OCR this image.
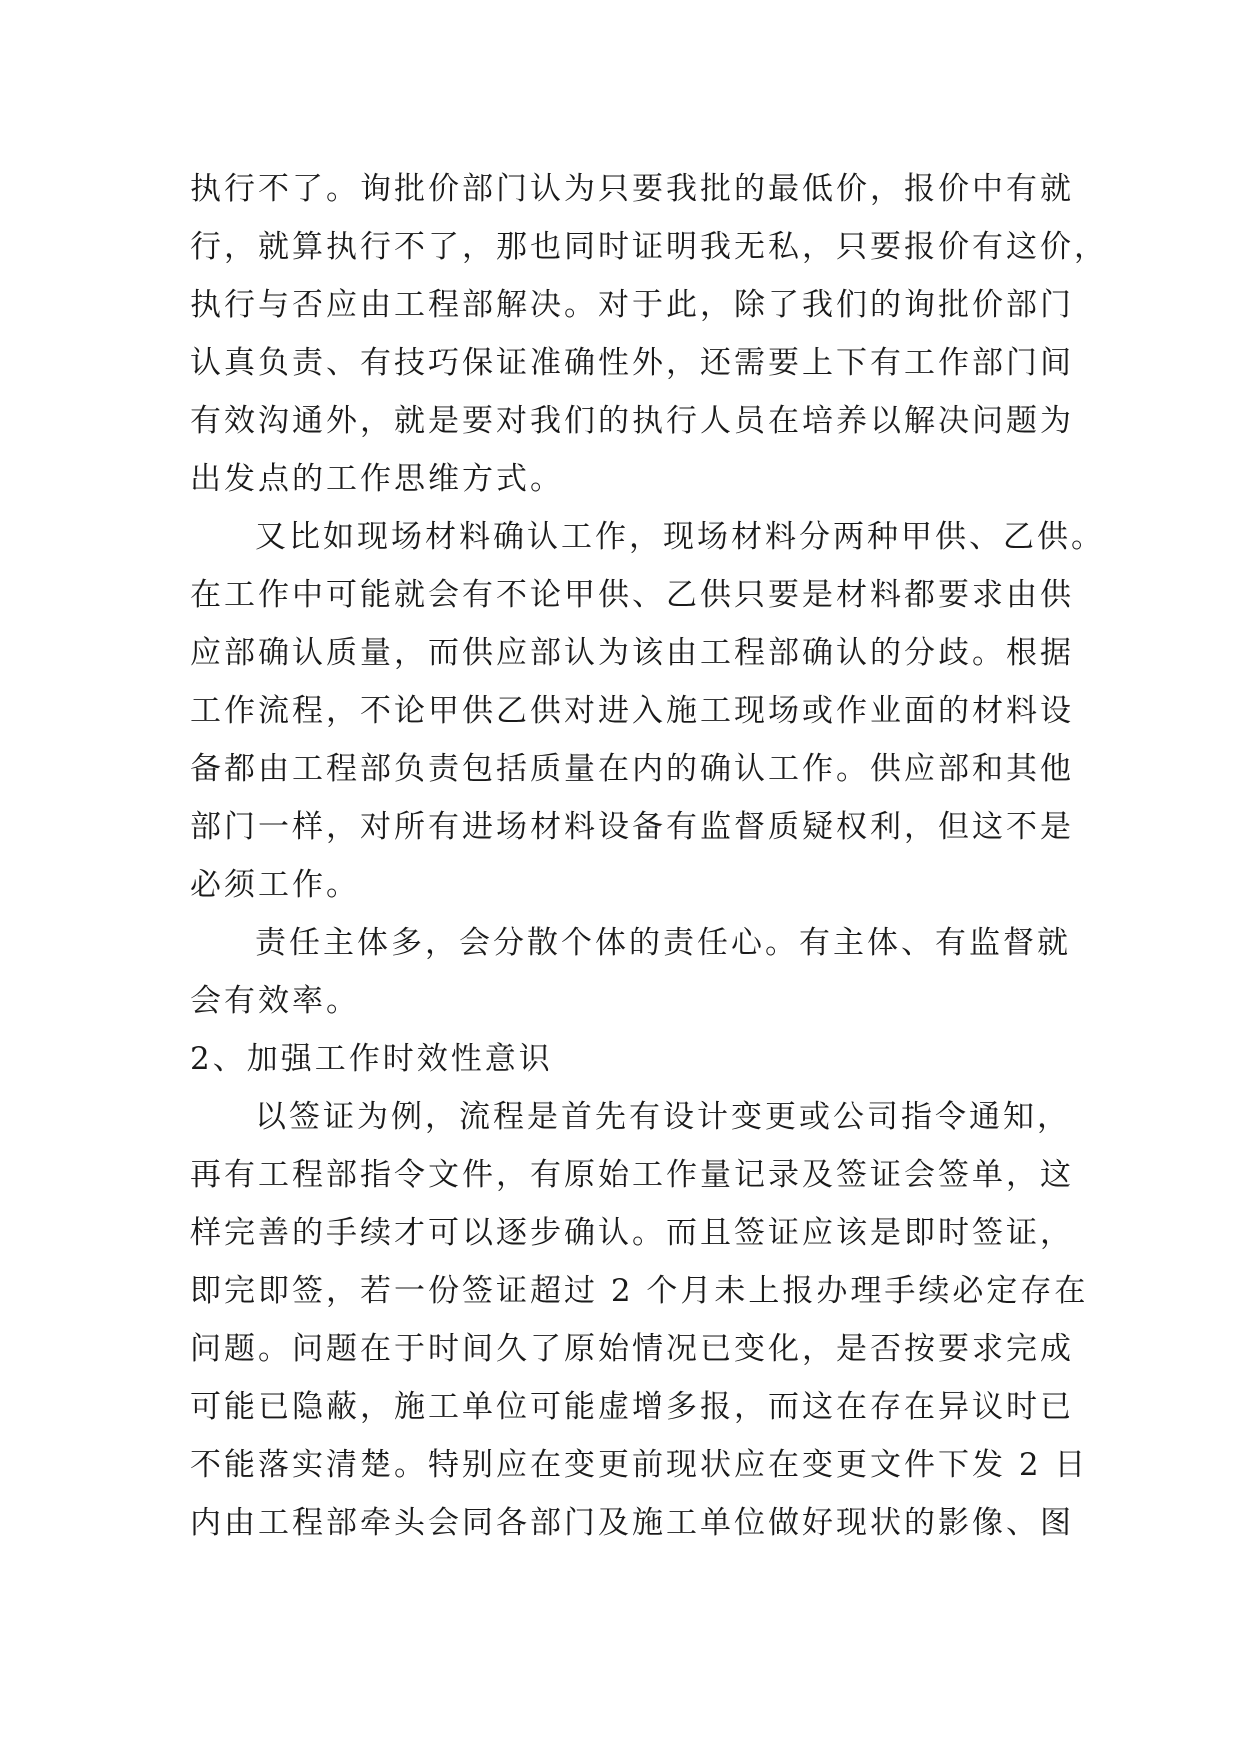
执行不了。询批价部门认为只要我批的最低价，报价中有就
行，就算执行不了，那也同时证明我无私，只要报价有这价，
执行与否应由工程部解决。对于此，除了我们的询批价部门
认真负责、有技巧保证准确性外，还需要上下有工作部门间
有效沟通外，就是要对我们的执行人员在培养以解决问题为
出发点的工作思维方式。
又比如现场材料确认工作，现场材料分两种甲供、乙供。
在工作中可能就会有不论甲供、乙供只要是材料都要求由供
应部确认质量，而供应部认为该由工程部确认的分歧。根据
工作流程，不论甲供乙供对进入施工现场或作业面的材料设
备都由工程部负责包括质量在内的确认工作。供应部和其他
部门一样，对所有进场材料设备有监督质疑权利，但这不是
必须工作。
责任主体多，会分散个体的责任心。有主体、有监督就
会有效率。
2、加强工作时效性意识
以签证为例，流程是首先有设计变更或公司指令通知，
再有工程部指令文件，有原始工作量记录及签证会签单，这
样完善的手续才可以逐步确认。而且签证应该是即时签证，
即完即签，若一份签证超过 2 个月未上报办理手续必定存在
问题。问题在于时间久了原始情况已变化，是否按要求完成
可能已隐蔽，施工单位可能虚增多报，而这在存在异议时已
不能落实清楚。特别应在变更前现状应在变更文件下发 2 日
内由工程部牵头会同各部门及施工单位做好现状的影像、图
